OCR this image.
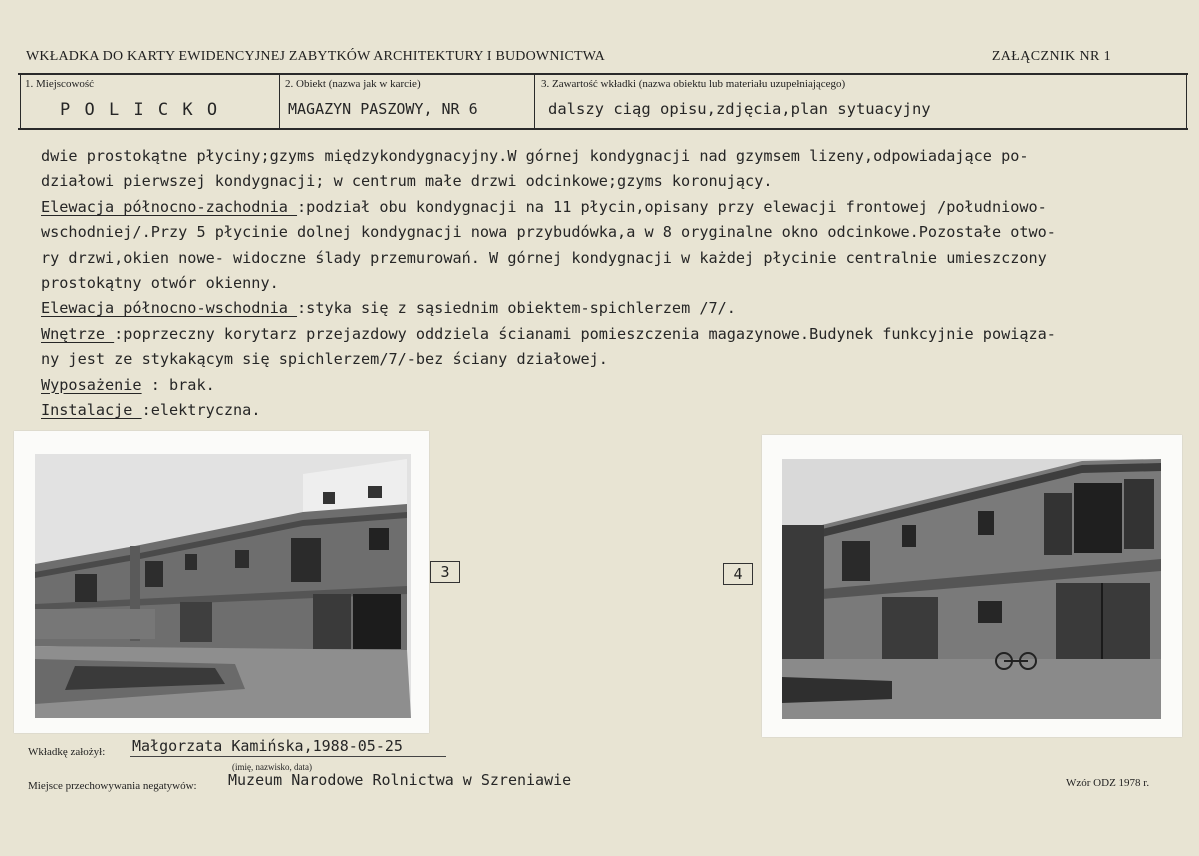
WKŁADKA DO KARTY EWIDENCYJNEJ ZABYTKÓW ARCHITEKTURY I BUDOWNICTWA	ZAŁĄCZNIK NR 1
1. Miejscowość
P O L I C K O
2. Obiekt (nazwa jak w karcie)
MAGAZYN PASZOWY, NR 6
3. Zawartość wkładki (nazwa obiektu lub materiału uzupełniającego)
dalszy ciąg opisu,zdjęcia,plan sytuacyjny

dwie prostokątne płyciny;gzyms międzykondygnacyjny.W górnej kondygnacji nad gzymsem lizeny,odpowiadające po-

działowi pierwszej kondygnacji; w centrum małe drzwi odcinkowe;gzyms koronujący.

Elewacja północno-zachodnia :podział obu kondygnacji na 11 płycin,opisany przy elewacji frontowej /południowo-

wschodniej/.Przy 5 płycinie dolnej kondygnacji nowa przybudówka,a w 8 oryginalne okno odcinkowe.Pozostałe otwo-

ry drzwi,okien nowe- widoczne ślady przemurowań. W górnej kondygnacji w każdej płycinie centralnie umieszczony

prostokątny otwór okienny.

Elewacja północno-wschodnia :styka się z sąsiednim obiektem-spichlerzem /7/.

Wnętrze :poprzeczny korytarz przejazdowy oddziela ścianami pomieszczenia magazynowe.Budynek funkcyjnie powiąza-

ny jest ze stykakącym się spichlerzem/7/-bez ściany działowej.

Wyposażenie : brak.

Instalacje :elektryczna.

3	4
Wkładkę założył: Małgorzata Kamińska,1988-05-25
(imię, nazwisko, data)
Miejsce przechowywania negatywów: Muzeum Narodowe Rolnictwa w Szreniawie	Wzór ODZ 1978 r.
